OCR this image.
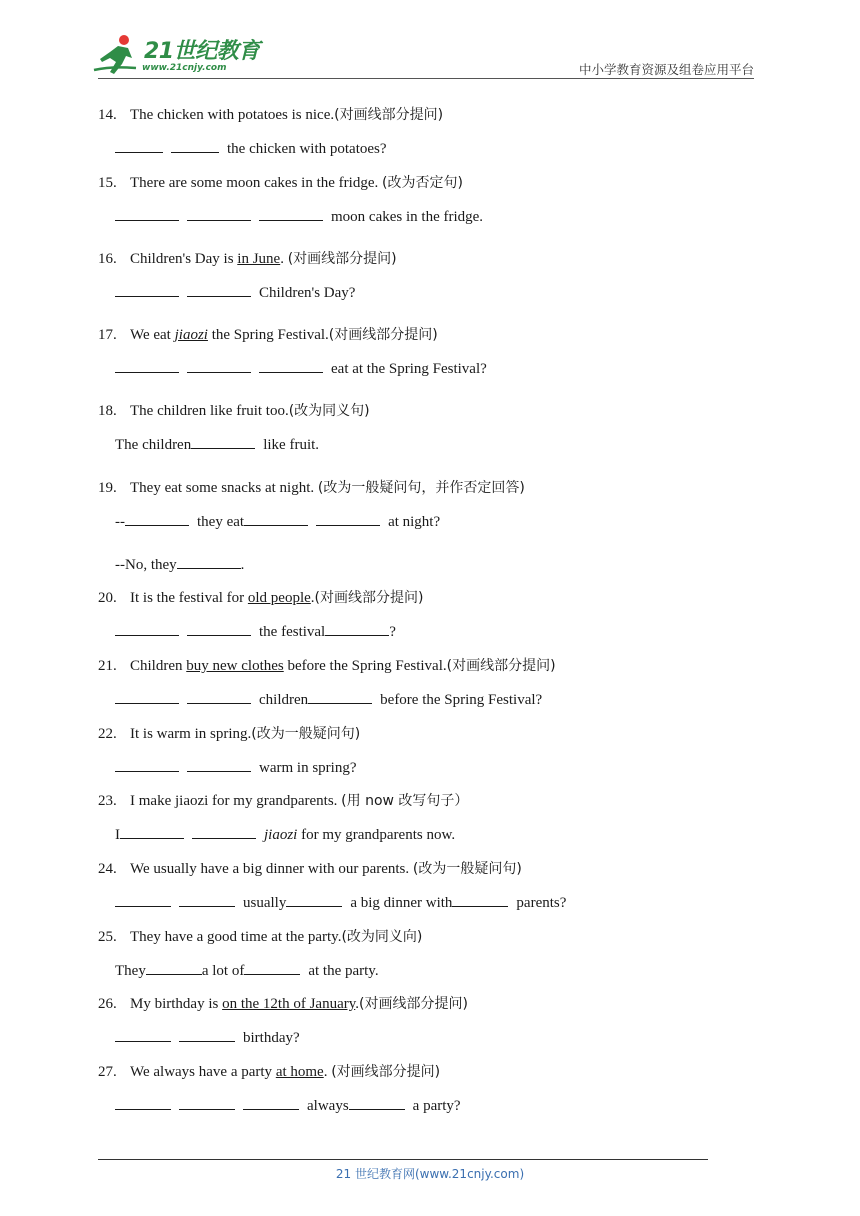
21世纪教育
www.21cnjy.com	中小学教育资源及组卷应用平台
14. The chicken with potatoes is nice.(对画线部分提问)
the chicken with potatoes?
15. There are some moon cakes in the fridge. (改为否定句)
moon cakes in the fridge.
16. Children's Day is in June. (对画线部分提问)
Children's Day?
17. We eat jiaozi the Spring Festival.(对画线部分提问)
eat at the Spring Festival?
18. The children like fruit too.(改为同义句)
The children	like fruit.
19. They eat some snacks at night. (改为一般疑问句，并作否定回答)
--	they eat	at night?
--No, they	.
20. It is the festival for old people.(对画线部分提问)
the festival	?
21. Children buy new clothes before the Spring Festival.(对画线部分提问)
children	before the Spring Festival?
22. It is warm in spring.(改为一般疑问句)
warm in spring?
23. I make jiaozi for my grandparents. (用 now 改写句子）
I	jiaozi for my grandparents now.
24. We usually have a big dinner with our parents. (改为一般疑问句)
usually	a big dinner with	parents?
25. They have a good time at the party.(改为同义向)
They	a lot of	at the party.
26. My birthday is on the 12th of January.(对画线部分提问)
birthday?
27. We always have a party at home. (对画线部分提问)
always	a party?
21 世纪教育网(www.21cnjy.com)
